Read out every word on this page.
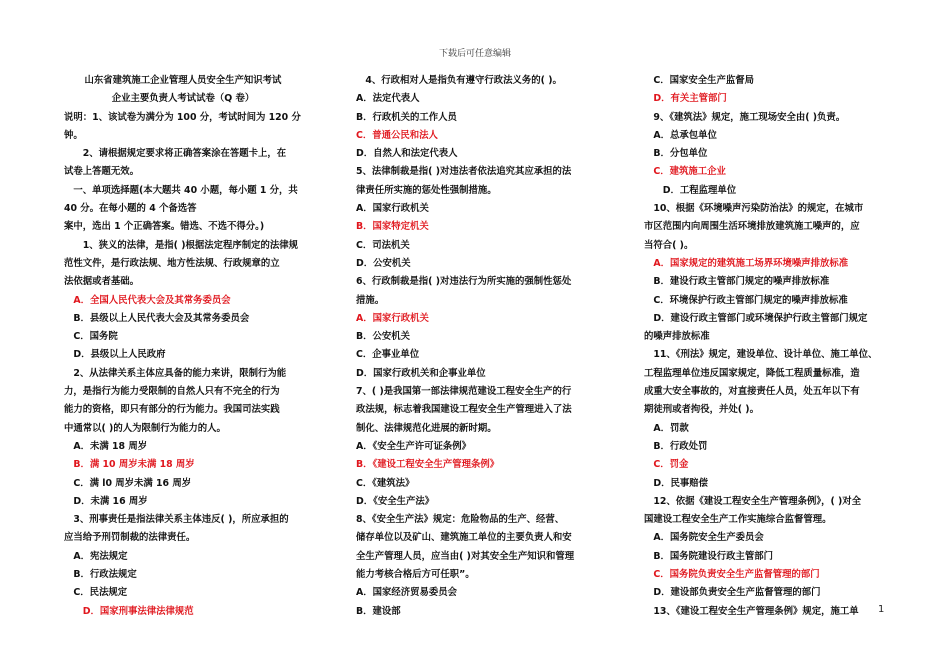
下载后可任意编辑
山东省建筑施工企业管理人员安全生产知识考试
企业主要负责人考试试卷（Q 卷）
说明：1、该试卷为满分为 100 分，考试时间为 120 分
钟。
　　2、请根据规定要求将正确答案涂在答题卡上，在
试卷上答题无效。
　一、单项选择题(本大题共 40 小题，每小题 1 分，共
40 分。在每小题的 4 个备选答
案中，选出 1 个正确答案。错选、不选不得分。)
　　1、狭义的法律，是指( )根据法定程序制定的法律规
范性文件，是行政法规、地方性法规、行政规章的立
法依据或者基础。
　A．全国人民代表大会及其常务委员会
　B．县级以上人民代表大会及其常务委员会
　C．国务院
　D．县级以上人民政府
　2、从法律关系主体应具备的能力来讲，限制行为能
力，是指行为能力受限制的自然人只有不完全的行为
能力的资格，即只有部分的行为能力。我国司法实践
中通常以( )的人为限制行为能力的人。
　A．未满 18 周岁
　B．满 10 周岁未满 18 周岁
　C．满 l0 周岁未满 16 周岁
　D．未满 16 周岁
　3、刑事责任是指法律关系主体违反( )，所应承担的
应当给予刑罚制裁的法律责任。
　A．宪法规定
　B．行政法规定
　C．民法规定
　　D．国家刑事法律法律规范
　4、行政相对人是指负有遵守行政法义务的( )。
A．法定代表人
B．行政机关的工作人员
C．普通公民和法人
D．自然人和法定代表人
5、法律制裁是指( )对违法者依法追究其应承担的法
律责任所实施的惩处性强制措施。
A．国家行政机关
B．国家特定机关
C．司法机关
D．公安机关
6、行政制裁是指( )对违法行为所实施的强制性惩处
措施。
A．国家行政机关
B．公安机关
C．企事业单位
D．国家行政机关和企事业单位
7、( )是我国第一部法律规范建设工程安全生产的行
政法规，标志着我国建设工程安全生产管理进入了法
制化、法律规范化进展的新时期。
A．《安全生产许可证条例》
B．《建设工程安全生产管理条例》
C．《建筑法》
D．《安全生产法》
8、《安全生产法》规定：危险物品的生产、经营、
储存单位以及矿山、建筑施工单位的主要负责人和安
全生产管理人员，应当由( )对其安全生产知识和管理
能力考核合格后方可任职”。
A．国家经济贸易委员会
B．建设部
　C．国家安全生产监督局
　D．有关主管部门
　9、《建筑法》规定，施工现场安全由( )负责。
　A．总承包单位
　B．分包单位
　C．建筑施工企业
　　D．工程监理单位
　10、根据《环境噪声污染防治法》的规定，在城市
市区范围内向周围生活环境排放建筑施工噪声的，应
当符合( )。
　A．国家规定的建筑施工场界环境噪声排放标准
　B．建设行政主管部门规定的噪声排放标准
　C．环境保护行政主管部门规定的噪声排放标准
　D．建设行政主管部门或环境保护行政主管部门规定
的噪声排放标准
　11、《刑法》规定，建设单位、设计单位、施工单位、
工程监理单位违反国家规定，降低工程质量标准，造
成重大安全事故的，对直接责任人员，处五年以下有
期徒刑或者拘役，并处( )。
　A．罚款
　B．行政处罚
　C．罚金
　D．民事赔偿
　12、依据《建设工程安全生产管理条例》，( )对全
国建设工程安全生产工作实施综合监督管理。
　A．国务院安全生产委员会
　B．国务院建设行政主管部门
　C．国务院负责安全生产监督管理的部门
　D．建设部负责安全生产监督管理的部门
　13、《建设工程安全生产管理条例》规定，施工单	1
